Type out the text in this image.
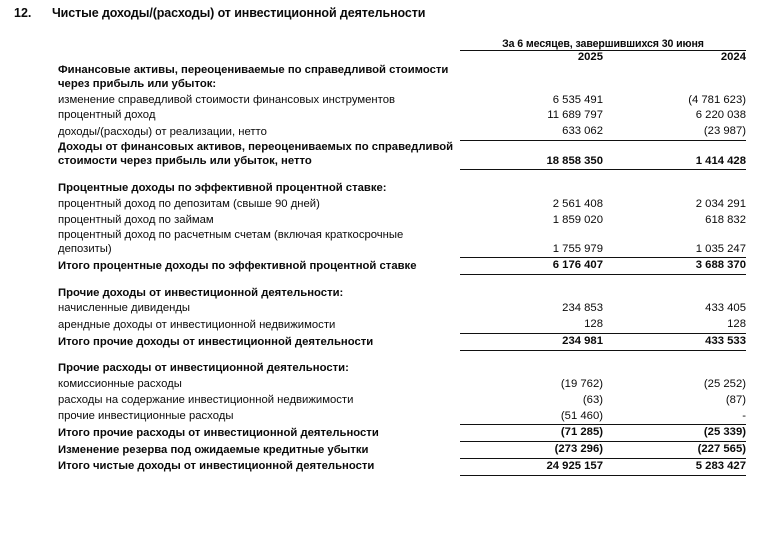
12.	Чистые доходы/(расходы) от инвестиционной деятельности
	За 6 месяцев, завершившихся 30 июня	
	2025	2024
Финансовые активы, переоцениваемые по справедливой стоимости через прибыль или убыток:		
изменение справедливой стоимости финансовых инструментов	6 535 491	(4 781 623)
процентный доход	11 689 797	6 220 038
доходы/(расходы) от реализации, нетто	633 062	(23 987)
Доходы от финансовых активов, переоцениваемых по справедливой стоимости через прибыль или убыток, нетто	18 858 350	1 414 428

Процентные доходы по эффективной процентной ставке:		
процентный доход по депозитам (свыше 90 дней)	2 561 408	2 034 291
процентный доход по займам	1 859 020	618 832
процентный доход по расчетным счетам (включая краткосрочные депозиты)	1 755 979	1 035 247
Итого процентные доходы по эффективной процентной ставке	6 176 407	3 688 370

Прочие доходы от инвестиционной деятельности:		
начисленные дивиденды	234 853	433 405
арендные доходы от инвестиционной недвижимости	128	128
Итого прочие доходы от инвестиционной деятельности	234 981	433 533

Прочие расходы от инвестиционной деятельности:		
комиссионные расходы	(19 762)	(25 252)
расходы на содержание инвестиционной недвижимости	(63)	(87)
прочие инвестиционные расходы	(51 460)	-
Итого прочие расходы от инвестиционной деятельности	(71 285)	(25 339)
Изменение резерва под ожидаемые кредитные убытки	(273 296)	(227 565)
Итого чистые доходы от инвестиционной деятельности	24 925 157	5 283 427
